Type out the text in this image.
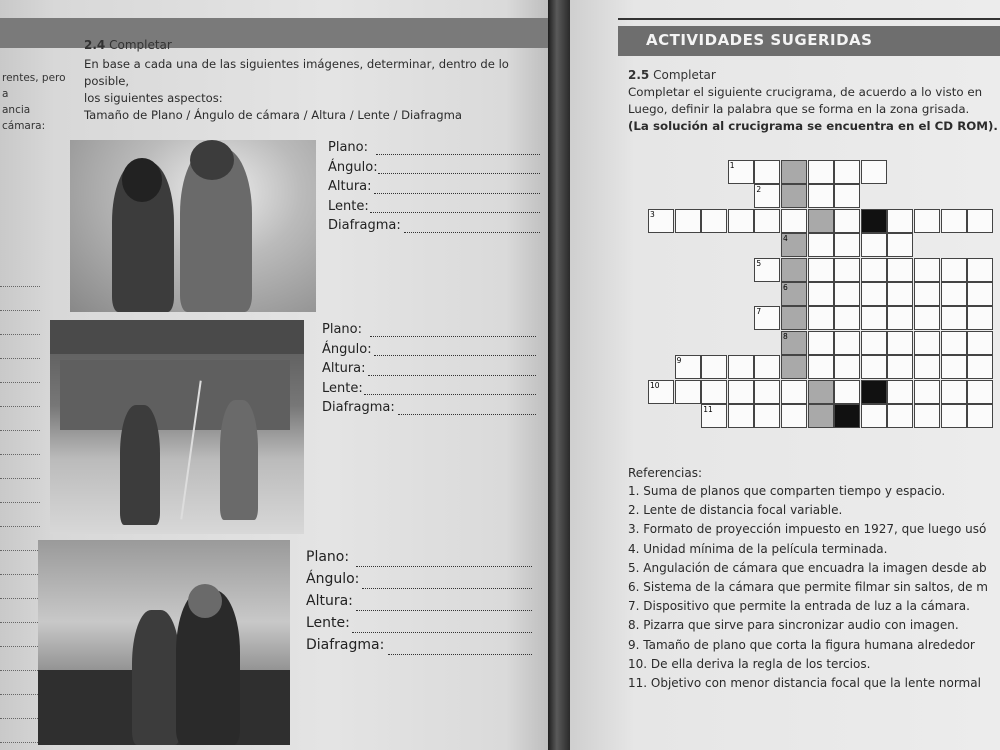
rentes, pero a
ancia cámara:
2.4 Completar
En base a cada una de las siguientes imágenes, determinar, dentro de lo posible,
los siguientes aspectos:
Tamaño de Plano / Ángulo de cámara / Altura / Lente / Diafragma
Plano:
Ángulo:
Altura:
Lente:
Diafragma:
Plano:
Ángulo:
Altura:
Lente:
Diafragma:
Plano:
Ángulo:
Altura:
Lente:
Diafragma:
ACTIVIDADES SUGERIDAS
2.5 Completar
Completar el siguiente crucigrama, de acuerdo a lo visto en
Luego, definir la palabra que se forma en la zona grisada.
(La solución al crucigrama se encuentra en el CD ROM).
1
2
3
4
5
6
7
8
9
10
11
Referencias:
1. Suma de planos que comparten tiempo y espacio.
2. Lente de distancia focal variable.
3. Formato de proyección impuesto en 1927, que luego usó
4. Unidad mínima de la película terminada.
5. Angulación de cámara que encuadra la imagen desde ab
6. Sistema de la cámara que permite filmar sin saltos, de m
7. Dispositivo que permite la entrada de luz a la cámara.
8. Pizarra que sirve para sincronizar audio con imagen.
9. Tamaño de plano que corta la figura humana alrededor
10. De ella deriva la regla de los tercios.
11. Objetivo con menor distancia focal que la lente normal
